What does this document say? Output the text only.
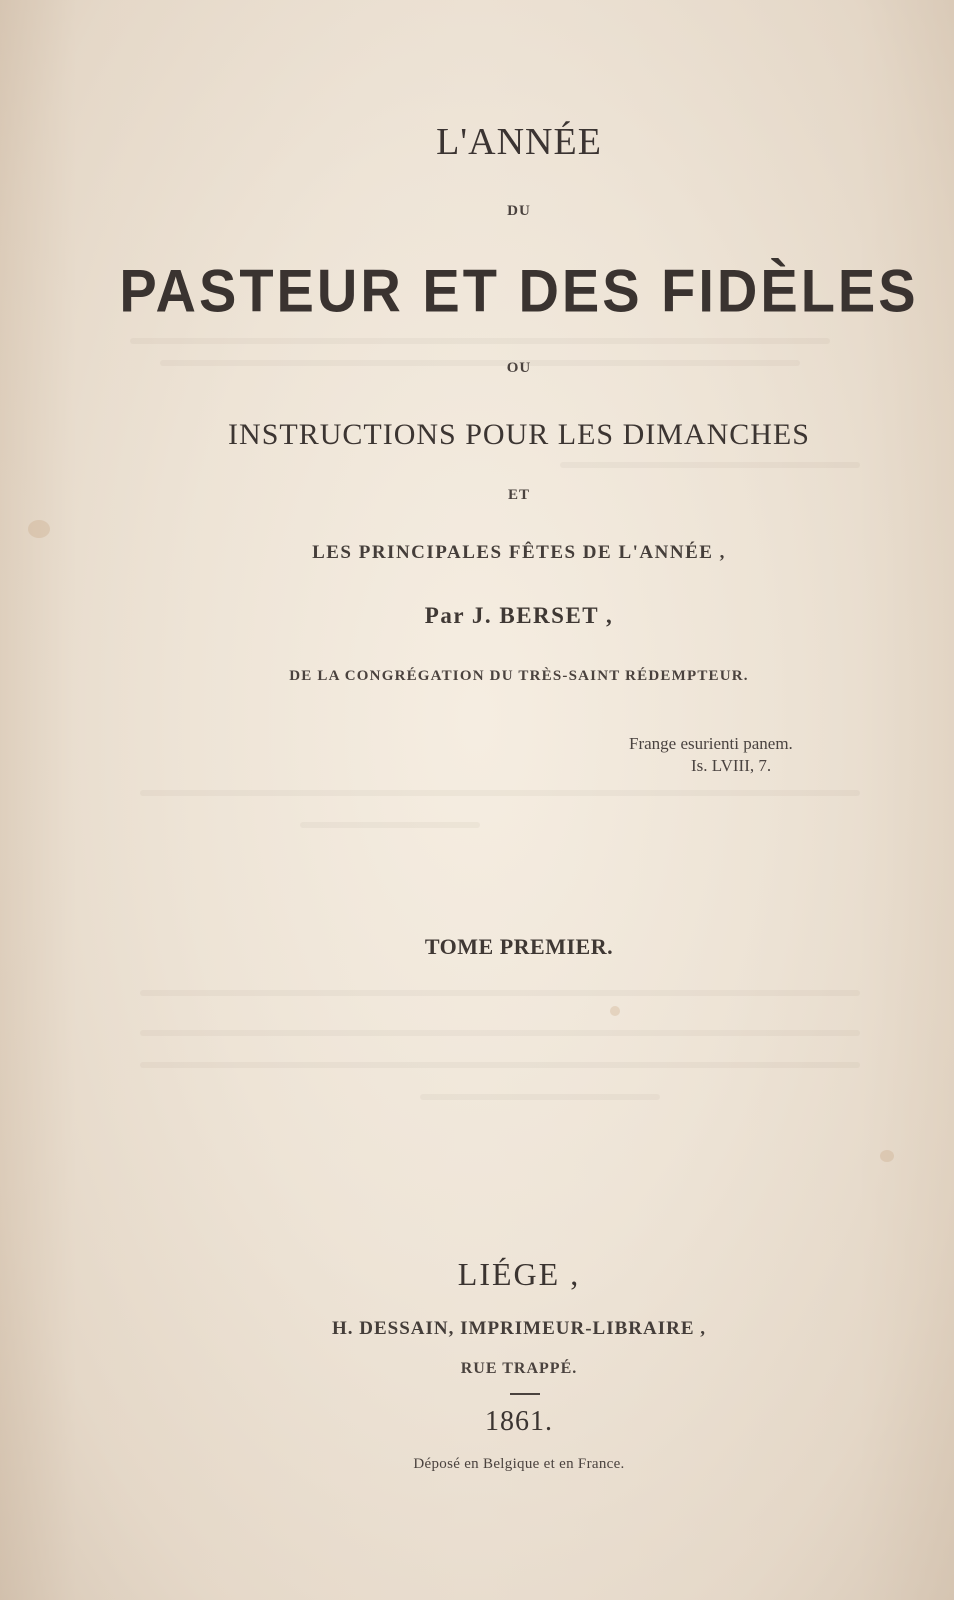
L'ANNÉE
DU
PASTEUR ET DES FIDÈLES
OU
INSTRUCTIONS POUR LES DIMANCHES
ET
LES PRINCIPALES FÊTES DE L'ANNÉE ,
Par J. BERSET ,
DE LA CONGRÉGATION DU TRÈS-SAINT RÉDEMPTEUR.
Frange esurienti panem.
Is. LVIII, 7.
TOME PREMIER.
LIÉGE ,
H. DESSAIN, IMPRIMEUR-LIBRAIRE ,
RUE TRAPPÉ.
1861.
Déposé en Belgique et en France.
